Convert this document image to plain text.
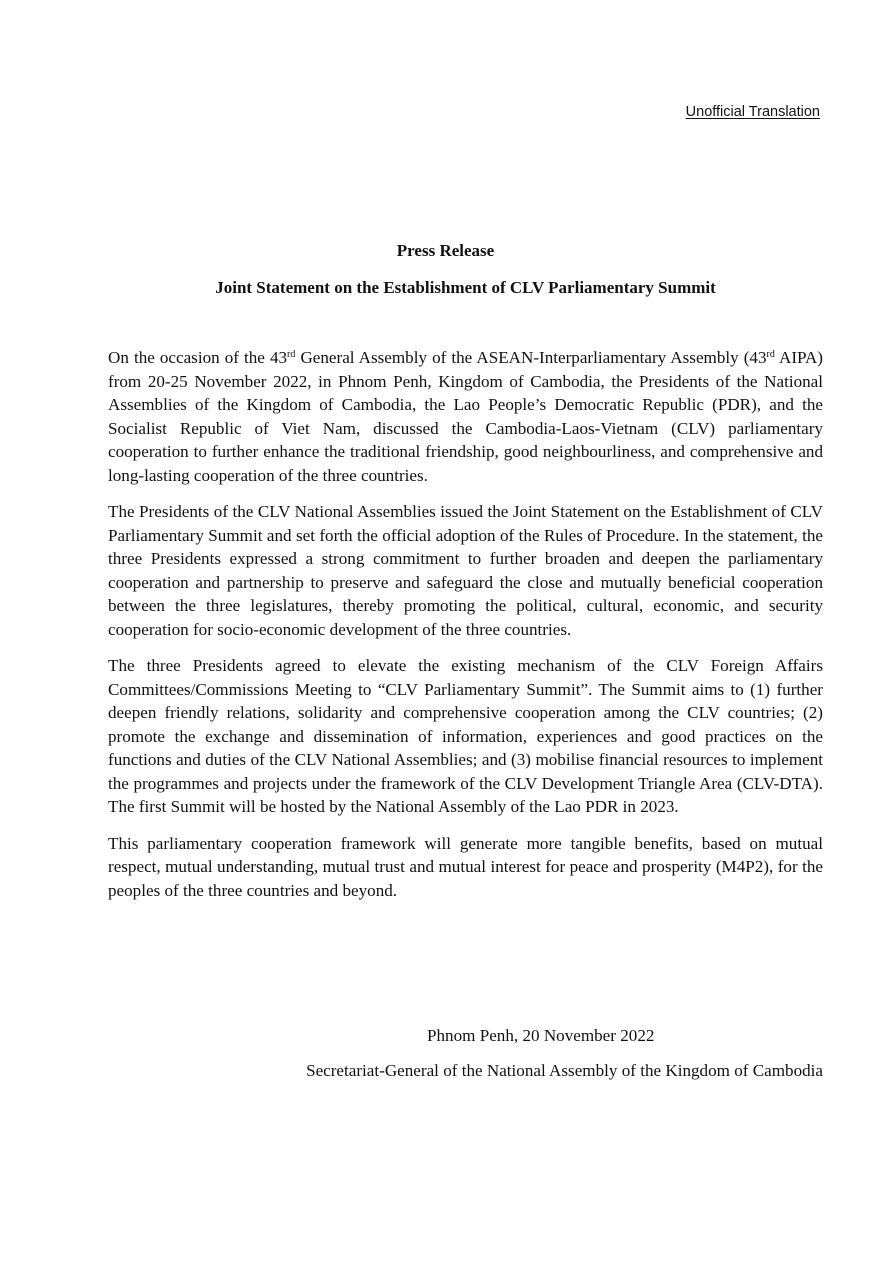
Unofficial Translation
Press Release
Joint Statement on the Establishment of CLV Parliamentary Summit

On the occasion of the 43rd General Assembly of the ASEAN-Interparliamentary Assembly (43rd AIPA) from 20-25 November 2022, in Phnom Penh, Kingdom of Cambodia, the Presidents of the National Assemblies of the Kingdom of Cambodia, the Lao People’s Democratic Republic (PDR), and the Socialist Republic of Viet Nam, discussed the Cambodia-Laos-Vietnam (CLV) parliamentary cooperation to further enhance the traditional friendship, good neighbourliness, and comprehensive and long-lasting cooperation of the three countries.

The Presidents of the CLV National Assemblies issued the Joint Statement on the Establishment of CLV Parliamentary Summit and set forth the official adoption of the Rules of Procedure. In the statement, the three Presidents expressed a strong commitment to further broaden and deepen the parliamentary cooperation and partnership to preserve and safeguard the close and mutually beneficial cooperation between the three legislatures, thereby promoting the political, cultural, economic, and security cooperation for socio-economic development of the three countries.

The three Presidents agreed to elevate the existing mechanism of the CLV Foreign Affairs Committees/Commissions Meeting to “CLV Parliamentary Summit”. The Summit aims to (1) further deepen friendly relations, solidarity and comprehensive cooperation among the CLV countries; (2) promote the exchange and dissemination of information, experiences and good practices on the functions and duties of the CLV National Assemblies; and (3) mobilise financial resources to implement the programmes and projects under the framework of the CLV Development Triangle Area (CLV-DTA). The first Summit will be hosted by the National Assembly of the Lao PDR in 2023.

This parliamentary cooperation framework will generate more tangible benefits, based on mutual respect, mutual understanding, mutual trust and mutual interest for peace and prosperity (M4P2), for the peoples of the three countries and beyond.

Phnom Penh, 20 November 2022
Secretariat-General of the National Assembly of the Kingdom of Cambodia
